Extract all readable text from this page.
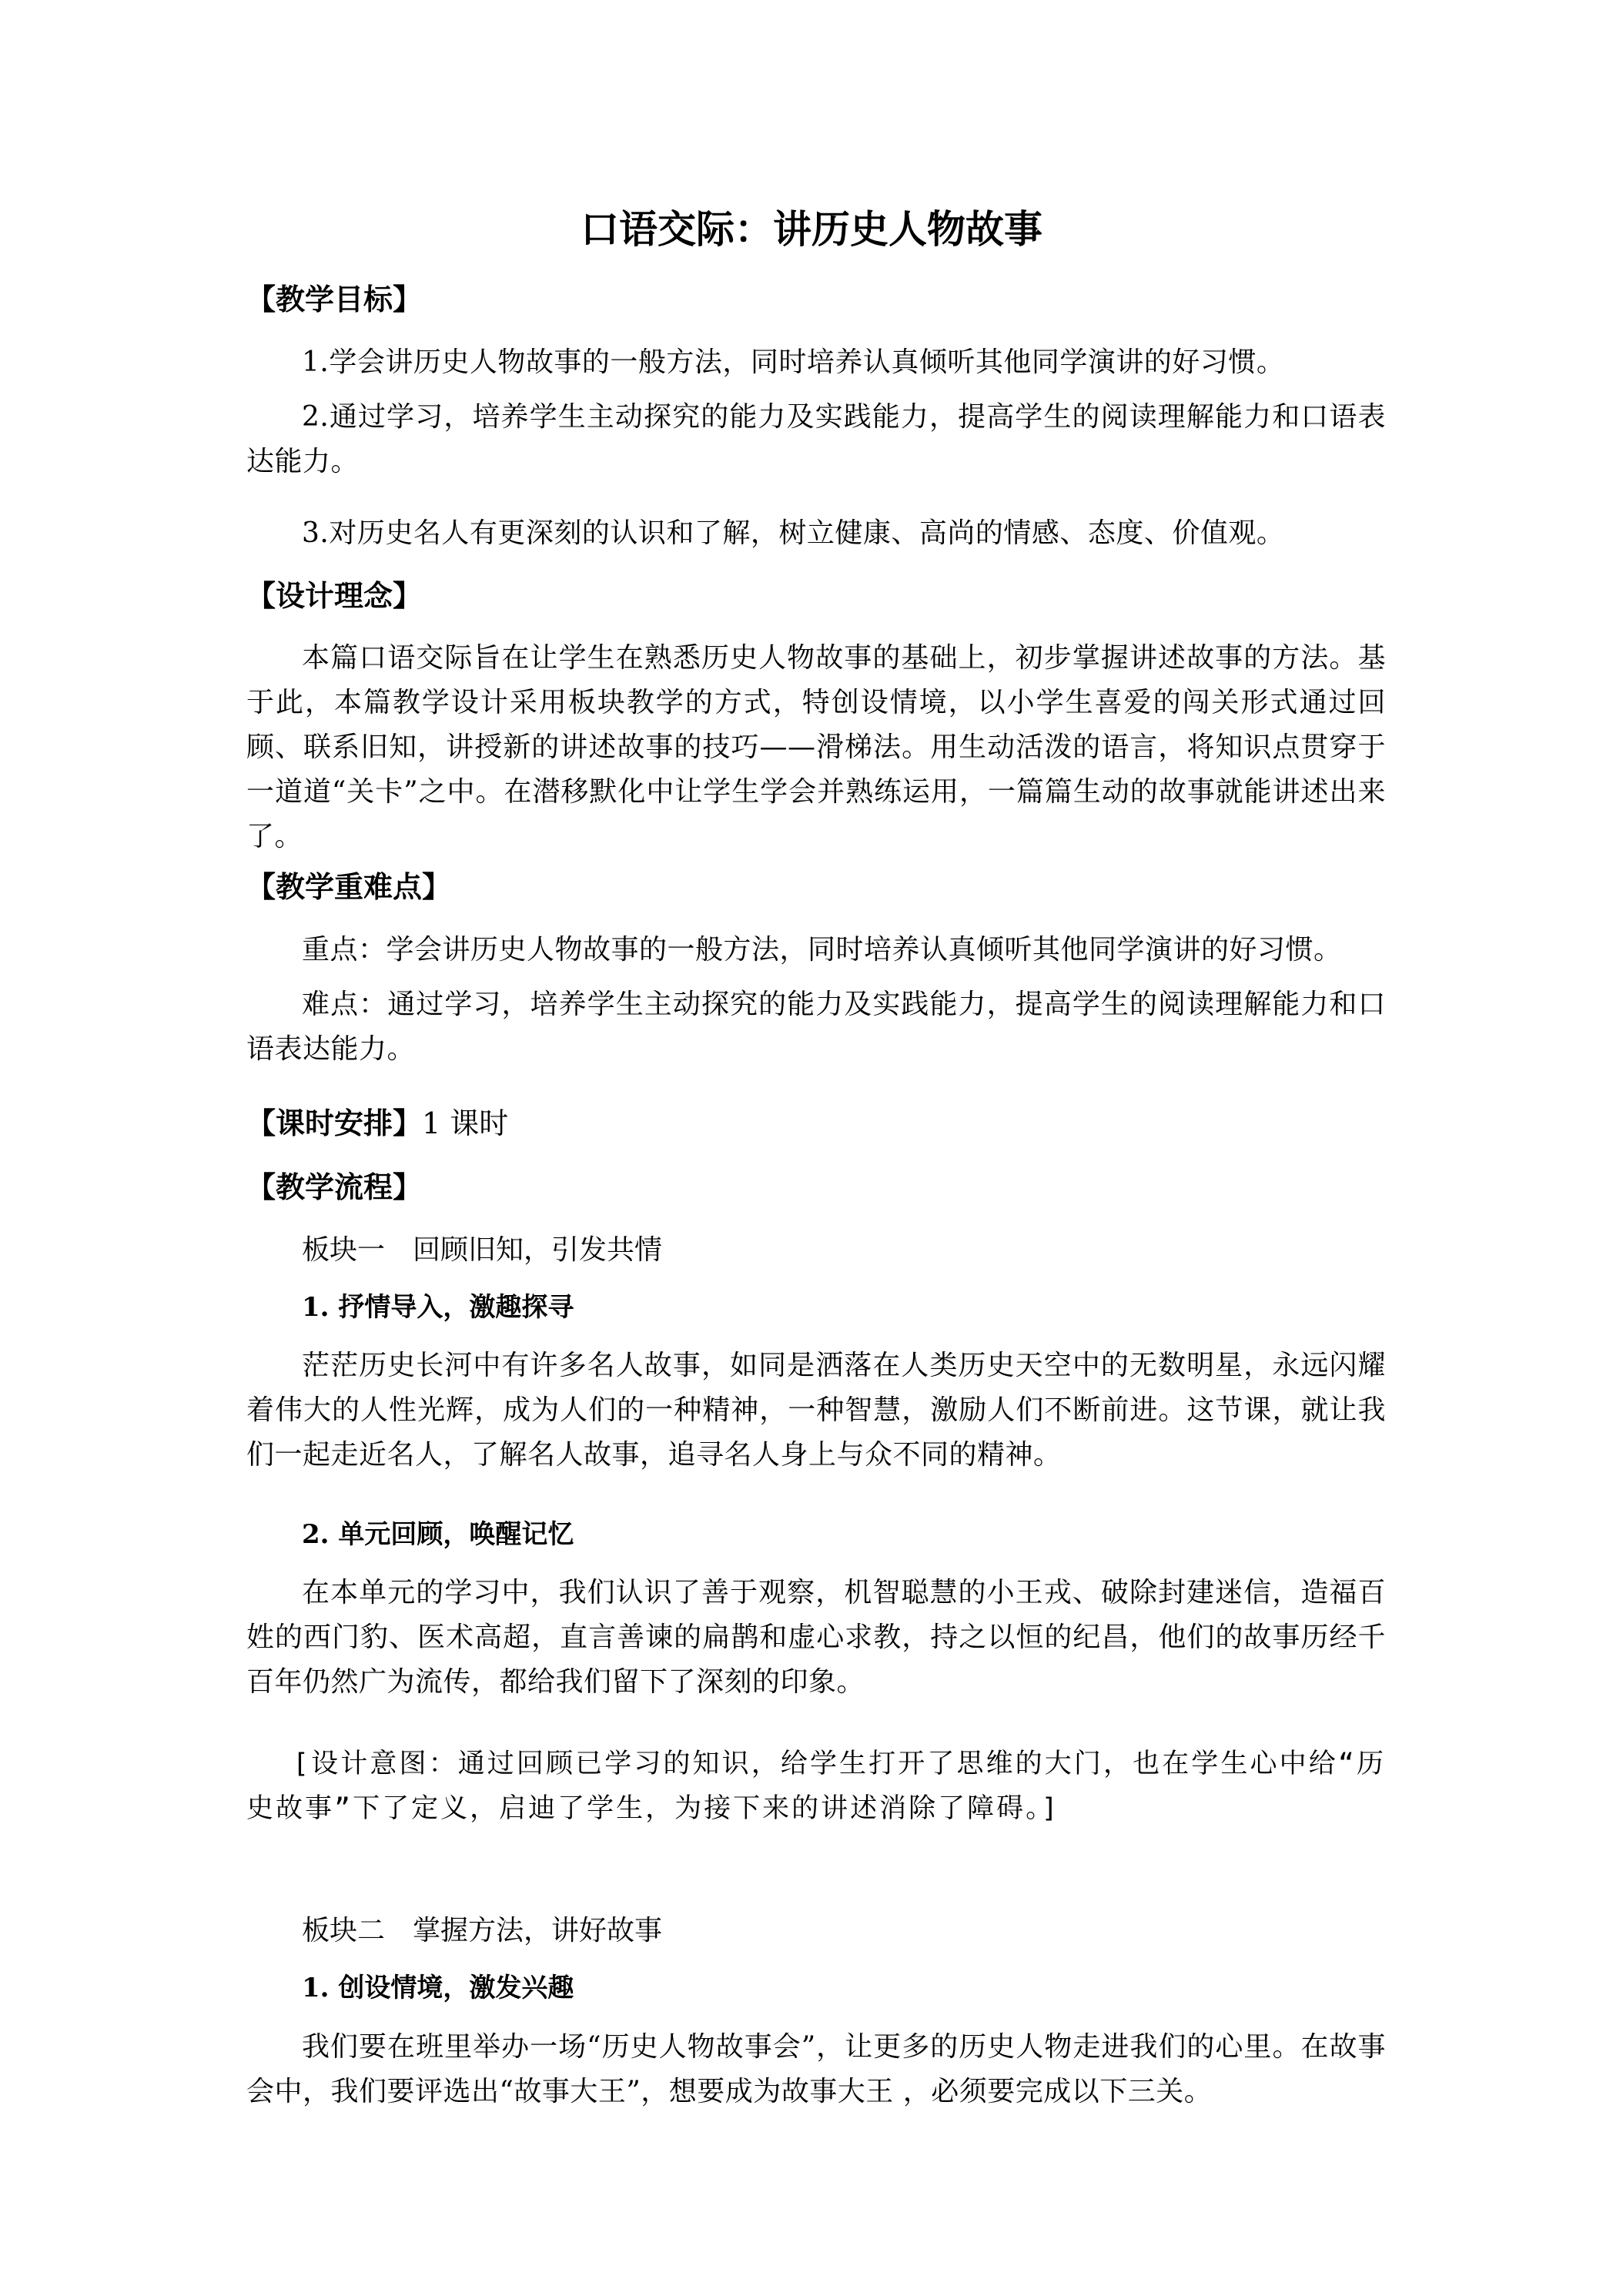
口语交际：讲历史人物故事
【教学目标】

1.学会讲历史人物故事的一般方法，同时培养认真倾听其他同学演讲的好习惯。

2.通过学习，培养学生主动探究的能力及实践能力，提高学生的阅读理解能力和口语表达能力。

3.对历史名人有更深刻的认识和了解，树立健康、高尚的情感、态度、价值观。

【设计理念】

本篇口语交际旨在让学生在熟悉历史人物故事的基础上，初步掌握讲述故事的方法。基于此，本篇教学设计采用板块教学的方式，特创设情境，以小学生喜爱的闯关形式通过回顾、联系旧知，讲授新的讲述故事的技巧——滑梯法。用生动活泼的语言，将知识点贯穿于一道道“关卡”之中。在潜移默化中让学生学会并熟练运用，一篇篇生动的故事就能讲述出来了。

【教学重难点】

重点：学会讲历史人物故事的一般方法，同时培养认真倾听其他同学演讲的好习惯。

难点：通过学习，培养学生主动探究的能力及实践能力，提高学生的阅读理解能力和口语表达能力。

【课时安排】1 课时
【教学流程】
板块一　回顾旧知，引发共情
1. 抒情导入，激趣探寻

茫茫历史长河中有许多名人故事，如同是洒落在人类历史天空中的无数明星，永远闪耀着伟大的人性光辉，成为人们的一种精神，一种智慧，激励人们不断前进。这节课，就让我们一起走近名人，了解名人故事，追寻名人身上与众不同的精神。

2. 单元回顾，唤醒记忆

在本单元的学习中，我们认识了善于观察，机智聪慧的小王戎、破除封建迷信，造福百姓的西门豹、医术高超，直言善谏的扁鹊和虚心求教，持之以恒的纪昌，他们的故事历经千百年仍然广为流传，都给我们留下了深刻的印象。

[设计意图：通过回顾已学习的知识，给学生打开了思维的大门，也在学生心中给“历史故事”下了定义，启迪了学生，为接下来的讲述消除了障碍。]

板块二　掌握方法，讲好故事
1. 创设情境，激发兴趣

我们要在班里举办一场“历史人物故事会”，让更多的历史人物走进我们的心里。在故事会中，我们要评选出“故事大王”，想要成为故事大王 ，必须要完成以下三关。
